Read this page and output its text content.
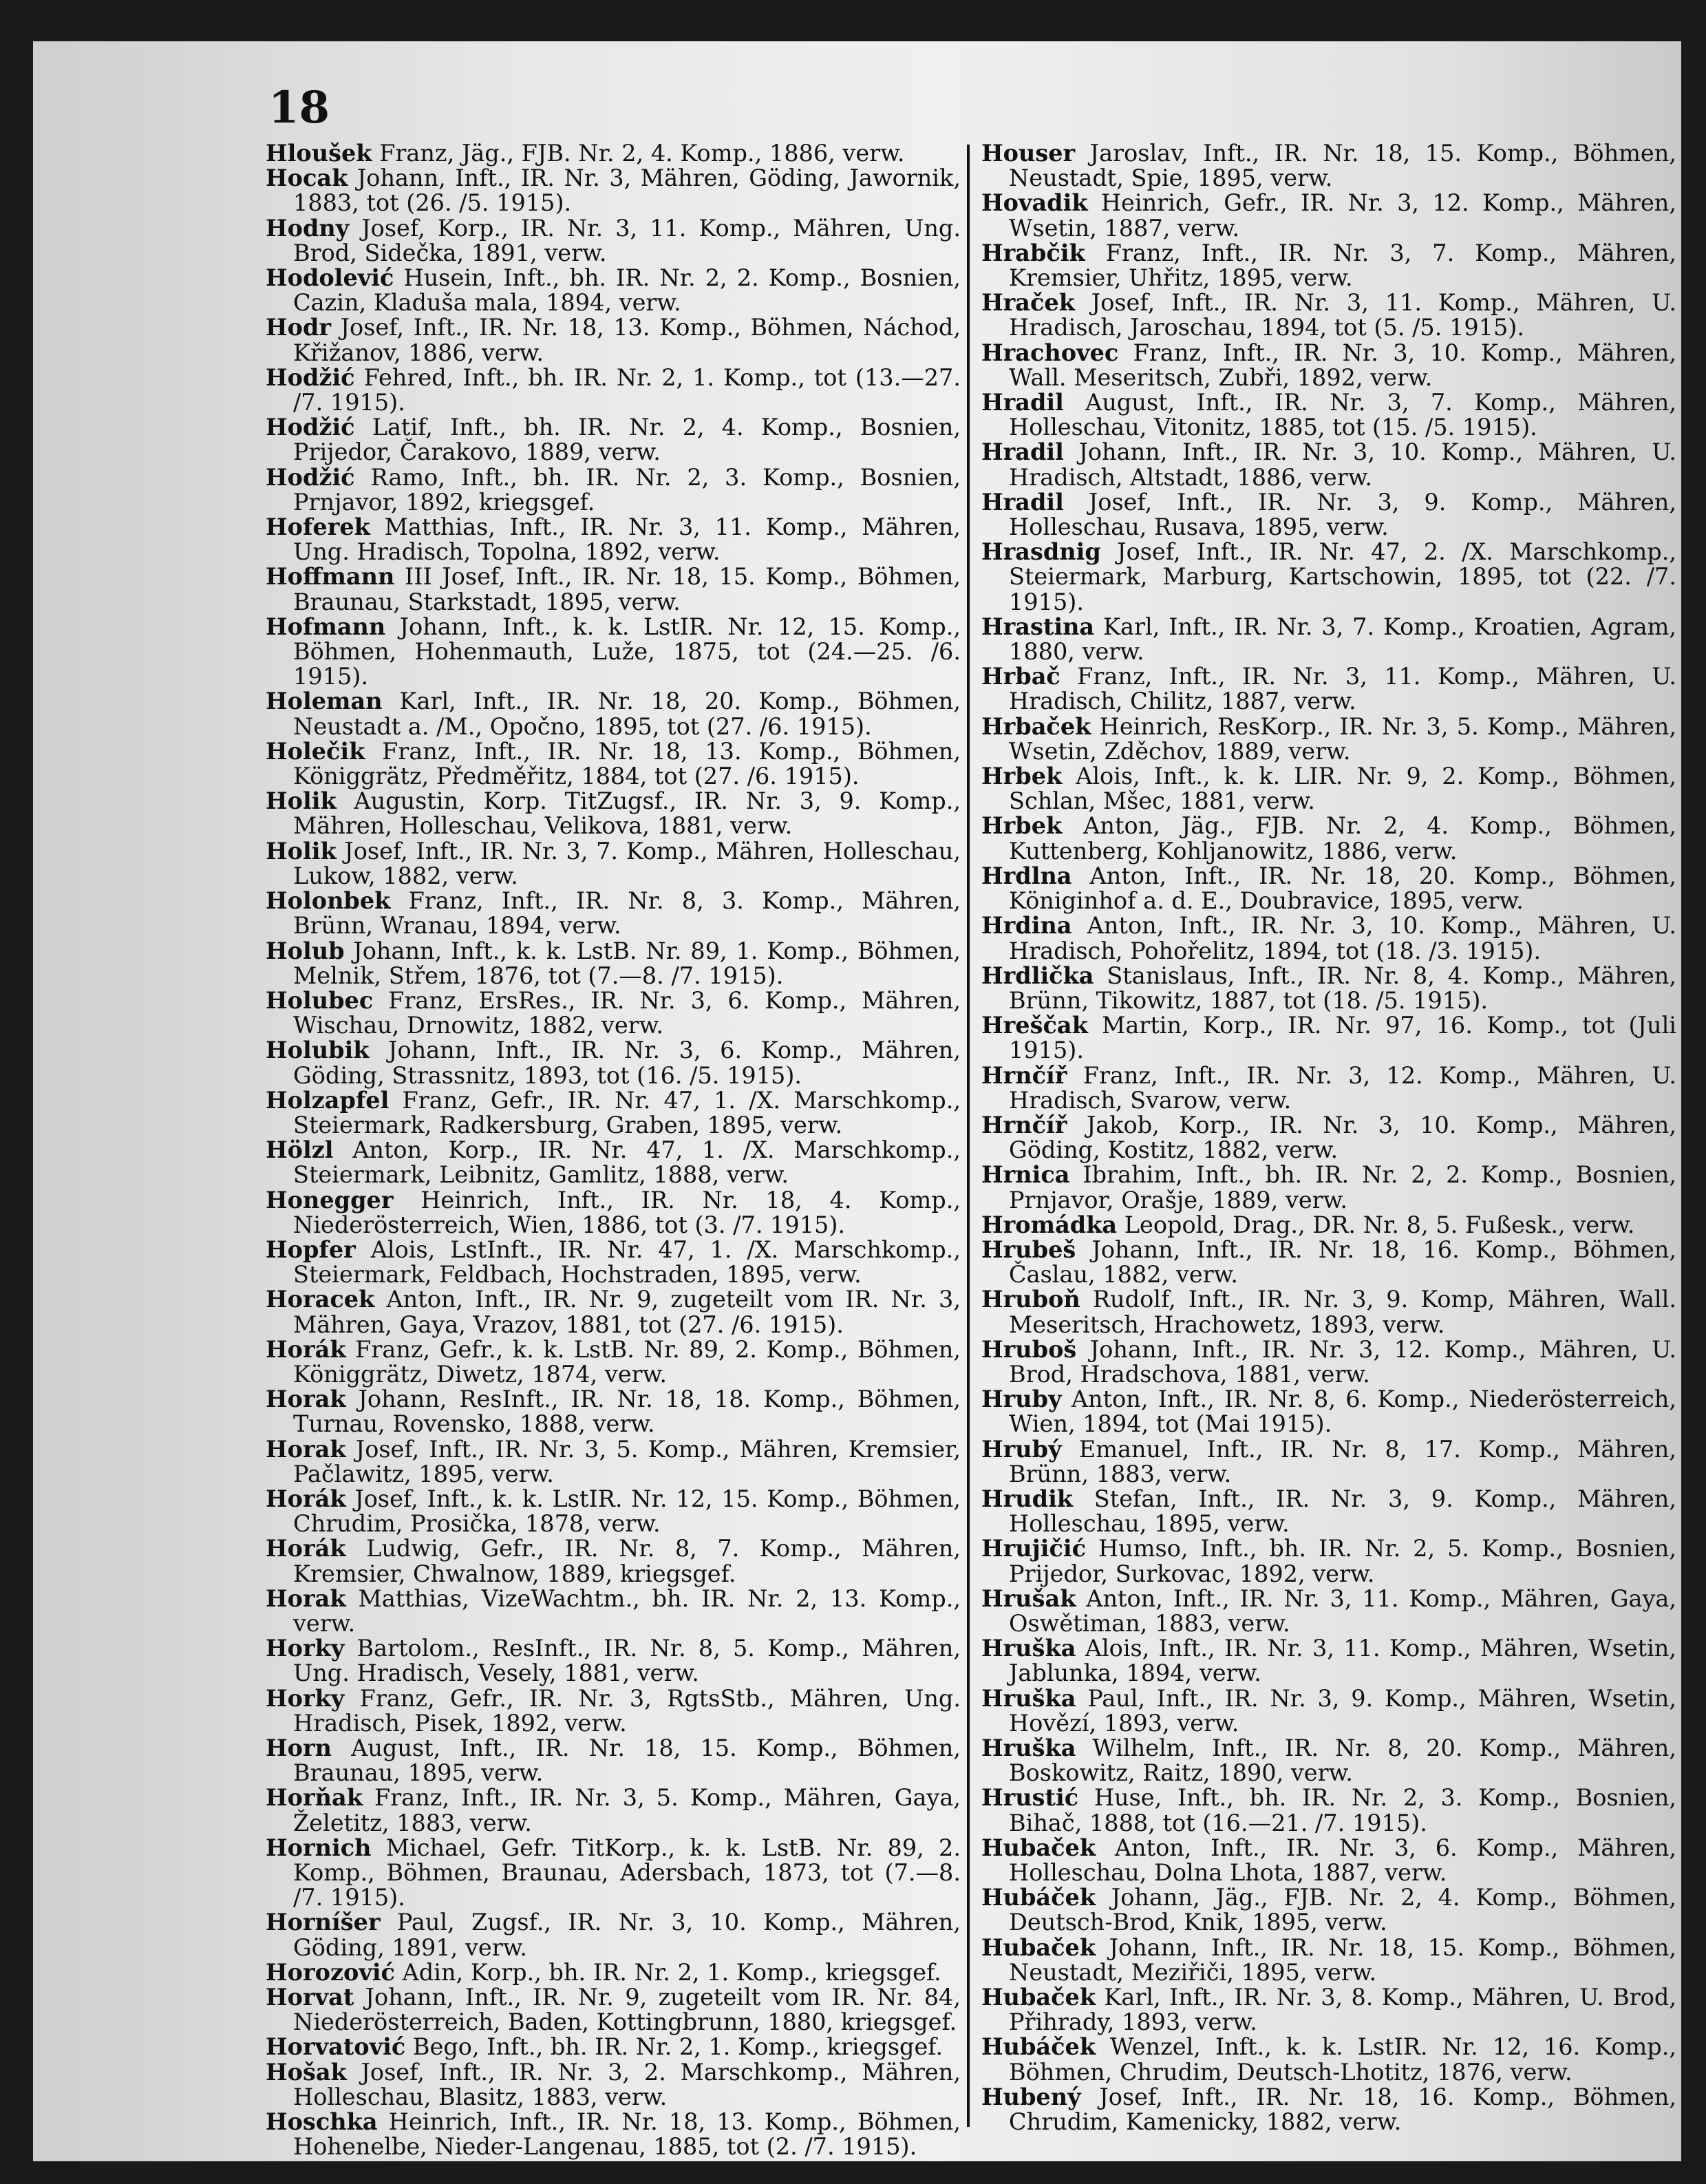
18

Hloušek Franz, Jäg., FJB. Nr. 2, 4. Komp., 1886, verw.

Hocak Johann, Inft., IR. Nr. 3, Mähren, Göding, Jawornik, 1883, tot (26. /5. 1915).

Hodny Josef, Korp., IR. Nr. 3, 11. Komp., Mähren, Ung. Brod, Sidečka, 1891, verw.

Hodolević Husein, Inft., bh. IR. Nr. 2, 2. Komp., Bosnien, Cazin, Kladuša mala, 1894, verw.

Hodr Josef, Inft., IR. Nr. 18, 13. Komp., Böhmen, Náchod, Křižanov, 1886, verw.

Hodžić Fehred, Inft., bh. IR. Nr. 2, 1. Komp., tot (13.—27. /7. 1915).

Hodžić Latif, Inft., bh. IR. Nr. 2, 4. Komp., Bosnien, Prijedor, Čarakovo, 1889, verw.

Hodžić Ramo, Inft., bh. IR. Nr. 2, 3. Komp., Bosnien, Prnjavor, 1892, kriegsgef.

Hoferek Matthias, Inft., IR. Nr. 3, 11. Komp., Mähren, Ung. Hradisch, Topolna, 1892, verw.

Hoffmann III Josef, Inft., IR. Nr. 18, 15. Komp., Böhmen, Braunau, Starkstadt, 1895, verw.

Hofmann Johann, Inft., k. k. LstIR. Nr. 12, 15. Komp., Böhmen, Hohenmauth, Luže, 1875, tot (24.—25. /6. 1915).

Holeman Karl, Inft., IR. Nr. 18, 20. Komp., Böhmen, Neustadt a. /M., Opočno, 1895, tot (27. /6. 1915).

Holečik Franz, Inft., IR. Nr. 18, 13. Komp., Böhmen, Königgrätz, Předměřitz, 1884, tot (27. /6. 1915).

Holik Augustin, Korp. TitZugsf., IR. Nr. 3, 9. Komp., Mähren, Holleschau, Velikova, 1881, verw.

Holik Josef, Inft., IR. Nr. 3, 7. Komp., Mähren, Holleschau, Lukow, 1882, verw.

Holonbek Franz, Inft., IR. Nr. 8, 3. Komp., Mähren, Brünn, Wranau, 1894, verw.

Holub Johann, Inft., k. k. LstB. Nr. 89, 1. Komp., Böhmen, Melnik, Střem, 1876, tot (7.—8. /7. 1915).

Holubec Franz, ErsRes., IR. Nr. 3, 6. Komp., Mähren, Wischau, Drnowitz, 1882, verw.

Holubik Johann, Inft., IR. Nr. 3, 6. Komp., Mähren, Göding, Strassnitz, 1893, tot (16. /5. 1915).

Holzapfel Franz, Gefr., IR. Nr. 47, 1. /X. Marschkomp., Steiermark, Radkersburg, Graben, 1895, verw.

Hölzl Anton, Korp., IR. Nr. 47, 1. /X. Marschkomp., Steiermark, Leibnitz, Gamlitz, 1888, verw.

Honegger Heinrich, Inft., IR. Nr. 18, 4. Komp., Niederösterreich, Wien, 1886, tot (3. /7. 1915).

Hopfer Alois, LstInft., IR. Nr. 47, 1. /X. Marschkomp., Steiermark, Feldbach, Hochstraden, 1895, verw.

Horacek Anton, Inft., IR. Nr. 9, zugeteilt vom IR. Nr. 3, Mähren, Gaya, Vrazov, 1881, tot (27. /6. 1915).

Horák Franz, Gefr., k. k. LstB. Nr. 89, 2. Komp., Böhmen, Königgrätz, Diwetz, 1874, verw.

Horak Johann, ResInft., IR. Nr. 18, 18. Komp., Böhmen, Turnau, Rovensko, 1888, verw.

Horak Josef, Inft., IR. Nr. 3, 5. Komp., Mähren, Kremsier, Pačlawitz, 1895, verw.

Horák Josef, Inft., k. k. LstIR. Nr. 12, 15. Komp., Böhmen, Chrudim, Prosička, 1878, verw.

Horák Ludwig, Gefr., IR. Nr. 8, 7. Komp., Mähren, Kremsier, Chwalnow, 1889, kriegsgef.

Horak Matthias, VizeWachtm., bh. IR. Nr. 2, 13. Komp., verw.

Horky Bartolom., ResInft., IR. Nr. 8, 5. Komp., Mähren, Ung. Hradisch, Vesely, 1881, verw.

Horky Franz, Gefr., IR. Nr. 3, RgtsStb., Mähren, Ung. Hradisch, Pisek, 1892, verw.

Horn August, Inft., IR. Nr. 18, 15. Komp., Böhmen, Braunau, 1895, verw.

Horňak Franz, Inft., IR. Nr. 3, 5. Komp., Mähren, Gaya, Želetitz, 1883, verw.

Hornich Michael, Gefr. TitKorp., k. k. LstB. Nr. 89, 2. Komp., Böhmen, Braunau, Adersbach, 1873, tot (7.—8. /7. 1915).

Horníšer Paul, Zugsf., IR. Nr. 3, 10. Komp., Mähren, Göding, 1891, verw.

Horozović Adin, Korp., bh. IR. Nr. 2, 1. Komp., kriegsgef.

Horvat Johann, Inft., IR. Nr. 9, zugeteilt vom IR. Nr. 84, Niederösterreich, Baden, Kottingbrunn, 1880, kriegsgef.

Horvatović Bego, Inft., bh. IR. Nr. 2, 1. Komp., kriegsgef.

Hošak Josef, Inft., IR. Nr. 3, 2. Marschkomp., Mähren, Holleschau, Blasitz, 1883, verw.

Hoschka Heinrich, Inft., IR. Nr. 18, 13. Komp., Böhmen, Hohenelbe, Nieder-Langenau, 1885, tot (2. /7. 1915).

Houser Jaroslav, Inft., IR. Nr. 18, 15. Komp., Böhmen, Neustadt, Spie, 1895, verw.

Hovadik Heinrich, Gefr., IR. Nr. 3, 12. Komp., Mähren, Wsetin, 1887, verw.

Hrabčik Franz, Inft., IR. Nr. 3, 7. Komp., Mähren, Kremsier, Uhřitz, 1895, verw.

Hraček Josef, Inft., IR. Nr. 3, 11. Komp., Mähren, U. Hradisch, Jaroschau, 1894, tot (5. /5. 1915).

Hrachovec Franz, Inft., IR. Nr. 3, 10. Komp., Mähren, Wall. Meseritsch, Zubři, 1892, verw.

Hradil August, Inft., IR. Nr. 3, 7. Komp., Mähren, Holleschau, Vitonitz, 1885, tot (15. /5. 1915).

Hradil Johann, Inft., IR. Nr. 3, 10. Komp., Mähren, U. Hradisch, Altstadt, 1886, verw.

Hradil Josef, Inft., IR. Nr. 3, 9. Komp., Mähren, Holleschau, Rusava, 1895, verw.

Hrasdnig Josef, Inft., IR. Nr. 47, 2. /X. Marschkomp., Steiermark, Marburg, Kartschowin, 1895, tot (22. /7. 1915).

Hrastina Karl, Inft., IR. Nr. 3, 7. Komp., Kroatien, Agram, 1880, verw.

Hrbač Franz, Inft., IR. Nr. 3, 11. Komp., Mähren, U. Hradisch, Chilitz, 1887, verw.

Hrbaček Heinrich, ResKorp., IR. Nr. 3, 5. Komp., Mähren, Wsetin, Zděchov, 1889, verw.

Hrbek Alois, Inft., k. k. LIR. Nr. 9, 2. Komp., Böhmen, Schlan, Mšec, 1881, verw.

Hrbek Anton, Jäg., FJB. Nr. 2, 4. Komp., Böhmen, Kuttenberg, Kohljanowitz, 1886, verw.

Hrdlna Anton, Inft., IR. Nr. 18, 20. Komp., Böhmen, Königinhof a. d. E., Doubravice, 1895, verw.

Hrdina Anton, Inft., IR. Nr. 3, 10. Komp., Mähren, U. Hradisch, Pohořelitz, 1894, tot (18. /3. 1915).

Hrdlička Stanislaus, Inft., IR. Nr. 8, 4. Komp., Mähren, Brünn, Tikowitz, 1887, tot (18. /5. 1915).

Hreščak Martin, Korp., IR. Nr. 97, 16. Komp., tot (Juli 1915).

Hrnčíř Franz, Inft., IR. Nr. 3, 12. Komp., Mähren, U. Hradisch, Svarow, verw.

Hrnčíř Jakob, Korp., IR. Nr. 3, 10. Komp., Mähren, Göding, Kostitz, 1882, verw.

Hrnica Ibrahim, Inft., bh. IR. Nr. 2, 2. Komp., Bosnien, Prnjavor, Orašje, 1889, verw.

Hromádka Leopold, Drag., DR. Nr. 8, 5. Fußesk., verw.

Hrubeš Johann, Inft., IR. Nr. 18, 16. Komp., Böhmen, Časlau, 1882, verw.

Hruboň Rudolf, Inft., IR. Nr. 3, 9. Komp, Mähren, Wall. Meseritsch, Hrachowetz, 1893, verw.

Hruboš Johann, Inft., IR. Nr. 3, 12. Komp., Mähren, U. Brod, Hradschova, 1881, verw.

Hruby Anton, Inft., IR. Nr. 8, 6. Komp., Niederösterreich, Wien, 1894, tot (Mai 1915).

Hrubý Emanuel, Inft., IR. Nr. 8, 17. Komp., Mähren, Brünn, 1883, verw.

Hrudik Stefan, Inft., IR. Nr. 3, 9. Komp., Mähren, Holleschau, 1895, verw.

Hrujičić Humso, Inft., bh. IR. Nr. 2, 5. Komp., Bosnien, Prijedor, Surkovac, 1892, verw.

Hrušak Anton, Inft., IR. Nr. 3, 11. Komp., Mähren, Gaya, Oswětiman, 1883, verw.

Hruška Alois, Inft., IR. Nr. 3, 11. Komp., Mähren, Wsetin, Jablunka, 1894, verw.

Hruška Paul, Inft., IR. Nr. 3, 9. Komp., Mähren, Wsetin, Hovězí, 1893, verw.

Hruška Wilhelm, Inft., IR. Nr. 8, 20. Komp., Mähren, Boskowitz, Raitz, 1890, verw.

Hrustić Huse, Inft., bh. IR. Nr. 2, 3. Komp., Bosnien, Bihač, 1888, tot (16.—21. /7. 1915).

Hubaček Anton, Inft., IR. Nr. 3, 6. Komp., Mähren, Holleschau, Dolna Lhota, 1887, verw.

Hubáček Johann, Jäg., FJB. Nr. 2, 4. Komp., Böhmen, Deutsch-Brod, Knik, 1895, verw.

Hubaček Johann, Inft., IR. Nr. 18, 15. Komp., Böhmen, Neustadt, Meziřiči, 1895, verw.

Hubaček Karl, Inft., IR. Nr. 3, 8. Komp., Mähren, U. Brod, Přihrady, 1893, verw.

Hubáček Wenzel, Inft., k. k. LstIR. Nr. 12, 16. Komp., Böhmen, Chrudim, Deutsch-Lhotitz, 1876, verw.

Hubený Josef, Inft., IR. Nr. 18, 16. Komp., Böhmen, Chrudim, Kamenicky, 1882, verw.
